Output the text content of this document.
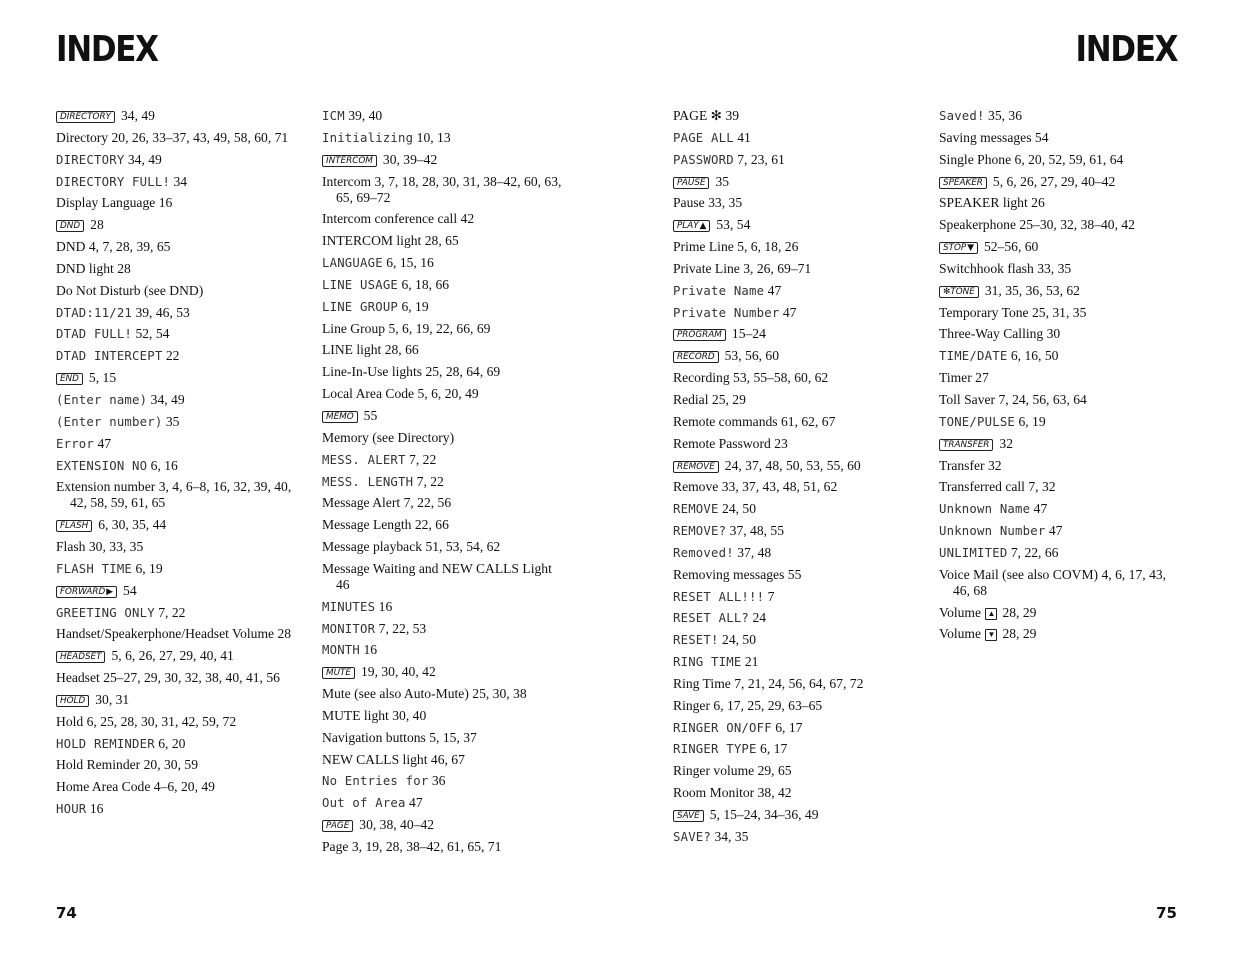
INDEX	INDEX
DIRECTORY 34, 49
Directory 20, 26, 33–37, 43, 49, 58, 60, 71
DIRECTORY 34, 49
DIRECTORY FULL! 34
Display Language 16
DND 28
DND 4, 7, 28, 39, 65
DND light 28
Do Not Disturb (see DND)
DTAD:11/21 39, 46, 53
DTAD FULL! 52, 54
DTAD INTERCEPT 22
END 5, 15
(Enter name) 34, 49
(Enter number) 35
Error 47
EXTENSION NO 6, 16
Extension number 3, 4, 6–8, 16, 32, 39, 40, 42, 58, 59, 61, 65
FLASH 6, 30, 35, 44
Flash 30, 33, 35
FLASH TIME 6, 19
FORWARD▶ 54
GREETING ONLY 7, 22
Handset/Speakerphone/Headset Volume 28
HEADSET 5, 6, 26, 27, 29, 40, 41
Headset 25–27, 29, 30, 32, 38, 40, 41, 56
HOLD 30, 31
Hold 6, 25, 28, 30, 31, 42, 59, 72
HOLD REMINDER 6, 20
Hold Reminder 20, 30, 59
Home Area Code 4–6, 20, 49
HOUR 16
ICM 39, 40
Initializing 10, 13
INTERCOM 30, 39–42
Intercom 3, 7, 18, 28, 30, 31, 38–42, 60, 63, 65, 69–72
Intercom conference call 42
INTERCOM light 28, 65
LANGUAGE 6, 15, 16
LINE USAGE 6, 18, 66
LINE GROUP 6, 19
Line Group 5, 6, 19, 22, 66, 69
LINE light 28, 66
Line-In-Use lights 25, 28, 64, 69
Local Area Code 5, 6, 20, 49
MEMO 55
Memory (see Directory)
MESS. ALERT 7, 22
MESS. LENGTH 7, 22
Message Alert 7, 22, 56
Message Length 22, 66
Message playback 51, 53, 54, 62
Message Waiting and NEW CALLS Light 46
MINUTES 16
MONITOR 7, 22, 53
MONTH 16
MUTE 19, 30, 40, 42
Mute (see also Auto-Mute) 25, 30, 38
MUTE light 30, 40
Navigation buttons 5, 15, 37
NEW CALLS light 46, 67
No Entries for 36
Out of Area 47
PAGE 30, 38, 40–42
Page 3, 19, 28, 38–42, 61, 65, 71
PAGE ✻ 39
PAGE ALL 41
PASSWORD 7, 23, 61
PAUSE 35
Pause 33, 35
PLAY▲ 53, 54
Prime Line 5, 6, 18, 26
Private Line 3, 26, 69–71
Private Name 47
Private Number 47
PROGRAM 15–24
RECORD 53, 56, 60
Recording 53, 55–58, 60, 62
Redial 25, 29
Remote commands 61, 62, 67
Remote Password 23
REMOVE 24, 37, 48, 50, 53, 55, 60
Remove 33, 37, 43, 48, 51, 62
REMOVE 24, 50
REMOVE? 37, 48, 55
Removed! 37, 48
Removing messages 55
RESET ALL!!! 7
RESET ALL? 24
RESET! 24, 50
RING TIME 21
Ring Time 7, 21, 24, 56, 64, 67, 72
Ringer 6, 17, 25, 29, 63–65
RINGER ON/OFF 6, 17
RINGER TYPE 6, 17
Ringer volume 29, 65
Room Monitor 38, 42
SAVE 5, 15–24, 34–36, 49
SAVE? 34, 35
Saved! 35, 36
Saving messages 54
Single Phone 6, 20, 52, 59, 61, 64
SPEAKER 5, 6, 26, 27, 29, 40–42
SPEAKER light 26
Speakerphone 25–30, 32, 38–40, 42
STOP▼ 52–56, 60
Switchhook flash 33, 35
✻TONE 31, 35, 36, 53, 62
Temporary Tone 25, 31, 35
Three-Way Calling 30
TIME/DATE 6, 16, 50
Timer 27
Toll Saver 7, 24, 56, 63, 64
TONE/PULSE 6, 19
TRANSFER 32
Transfer 32
Transferred call 7, 32
Unknown Name 47
Unknown Number 47
UNLIMITED 7, 22, 66
Voice Mail (see also COVM) 4, 6, 17, 43, 46, 68
Volume ▲ 28, 29
Volume ▼ 28, 29
74	75
